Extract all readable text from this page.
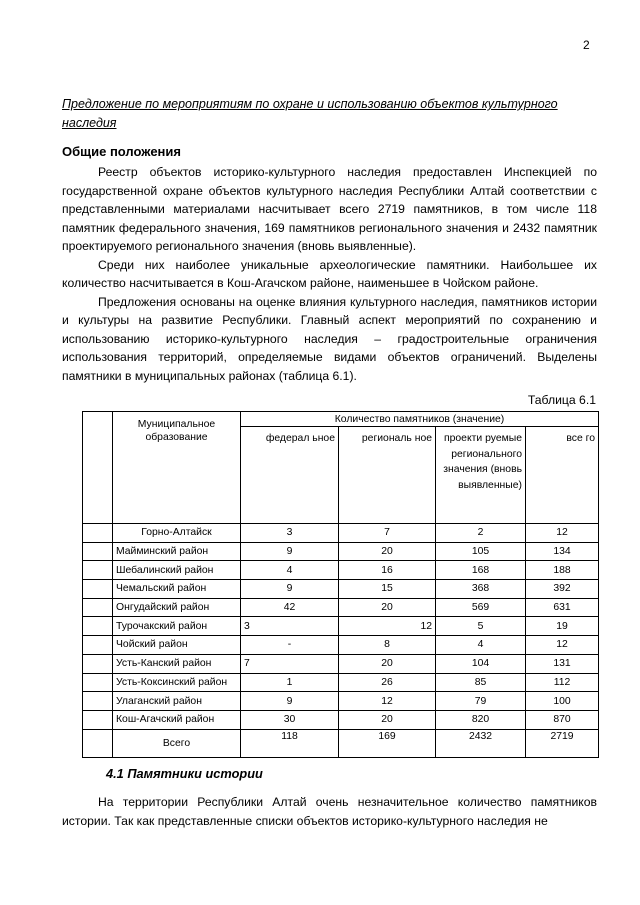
2
Предложение по мероприятиям по охране и использованию объектов культурного наследия
Общие положения

Реестр объектов историко-культурного наследия предоставлен Инспекцией по государственной охране объектов культурного наследия Республики Алтай соответствии с представленными материалами насчитывает всего 2719 памятников, в том числе 118 памятник федерального значения, 169 памятников регионального значения и 2432 памятник проектируемого регионального значения (вновь выявленные).

Среди них наиболее уникальные археологические памятники. Наибольшее их количество насчитывается в Кош-Агачском районе, наименьшее в Чойском районе.

Предложения основаны на оценке влияния культурного наследия, памятников истории и культуры на развитие Республики. Главный аспект мероприятий по сохранению и использованию историко-культурного наследия – градостроительные ограничения использования территорий, определяемые видами объектов ограничений. Выделены памятники в муниципальных районах (таблица 6.1).

Таблица 6.1
	Муниципальное образование	Количество памятников (значение)			
		федерал ьное	региональ ное	проекти руемые регионального значения (вновь выявленные)	все го
	Горно-Алтайск	3	7	2	12
	Майминский район	9	20	105	134
	Шебалинский район	4	16	168	188
	Чемальский район	9	15	368	392
	Онгудайский район	42	20	569	631
	Турочакский район	3	12	5	19
	Чойский район	-	8	4	12
	Усть-Канский район	7	20	104	131
	Усть-Коксинский район	1	26	85	112
	Улаганский район	9	12	79	100
	Кош-Агачский район	30	20	820	870
	Всего	118	169	2432	2719
4.1 Памятники истории

На территории Республики Алтай очень незначительное количество памятников истории. Так как представленные списки объектов историко-культурного наследия не
